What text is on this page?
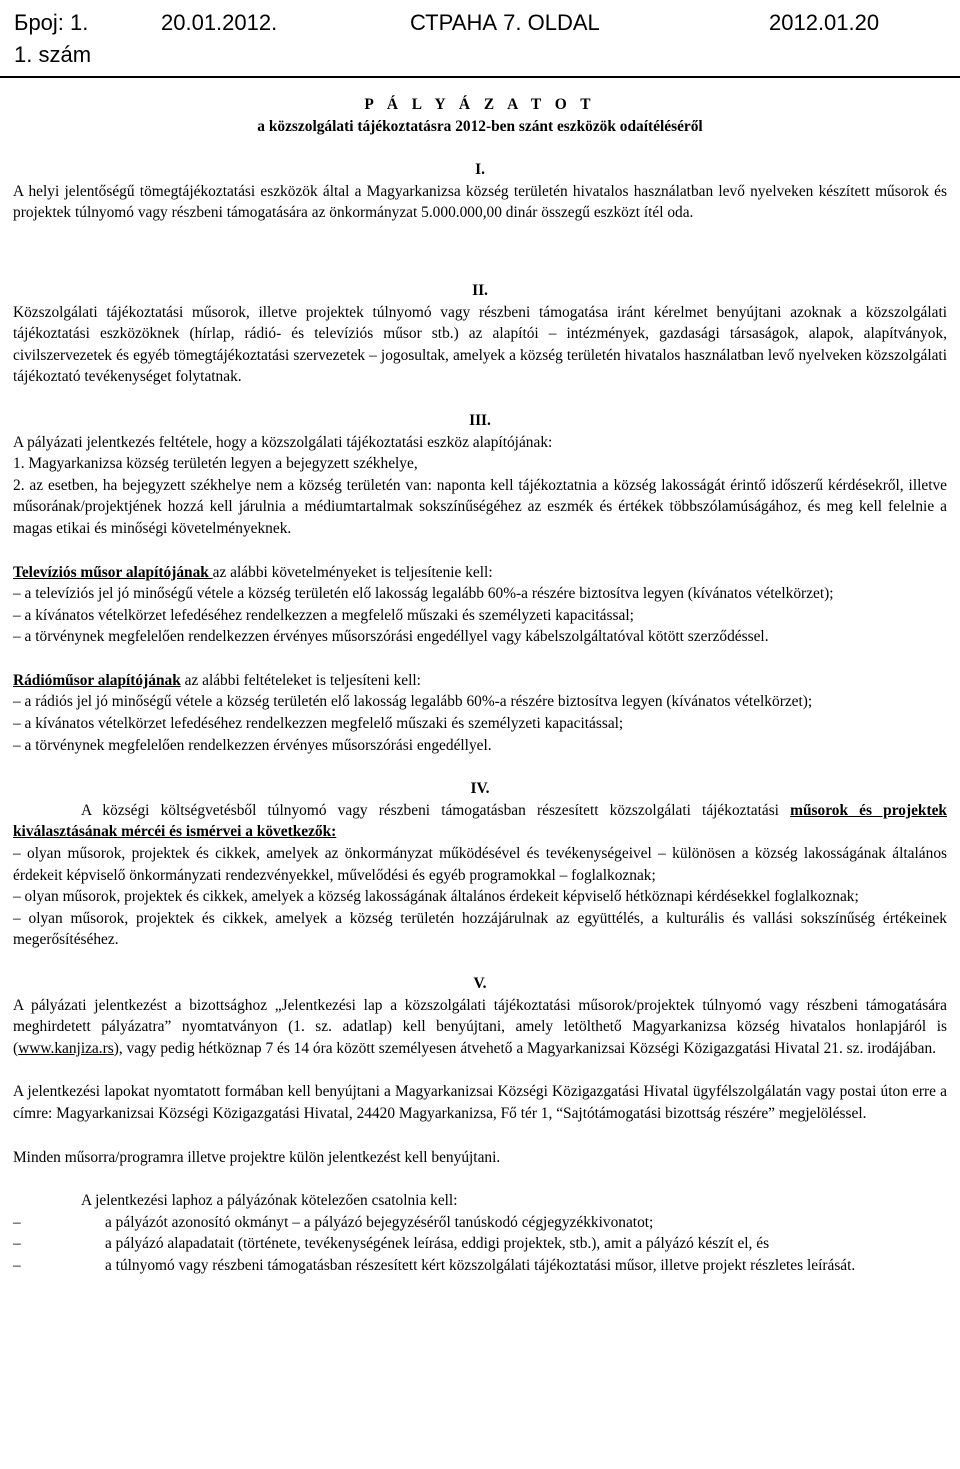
Број: 1.
1. szám
20.01.2012.	СТРАНА 7. OLDAL	2012.01.20

P Á L Y Á Z A T O T

a közszolgálati tájékoztatásra 2012-ben szánt eszközök odaítéléséről

I.

A helyi jelentőségű tömegtájékoztatási eszközök által a Magyarkanizsa község területén hivatalos használatban levő nyelveken készített műsorok és projektek túlnyomó vagy részbeni támogatására az önkormányzat 5.000.000,00 dinár összegű eszközt ítél oda.

II.

Közszolgálati tájékoztatási műsorok, illetve projektek túlnyomó vagy részbeni támogatása iránt kérelmet benyújtani azoknak a közszolgálati tájékoztatási eszközöknek (hírlap, rádió- és televíziós műsor stb.) az alapítói – intézmények, gazdasági társaságok, alapok, alapítványok, civilszervezetek és egyéb tömegtájékoztatási szervezetek – jogosultak, amelyek a község területén hivatalos használatban levő nyelveken közszolgálati tájékoztató tevékenységet folytatnak.

III.

A pályázati jelentkezés feltétele, hogy a közszolgálati tájékoztatási eszköz alapítójának:

1. Magyarkanizsa község területén legyen a bejegyzett székhelye,

2. az esetben, ha bejegyzett székhelye nem a község területén van: naponta kell tájékoztatnia a község lakosságát érintő időszerű kérdésekről, illetve műsorának/projektjének hozzá kell járulnia a médiumtartalmak sokszínűségéhez az eszmék és értékek többszólamúságához, és meg kell felelnie a magas etikai és minőségi követelményeknek.

Televíziós műsor alapítójának az alábbi követelményeket is teljesítenie kell:

– a televíziós jel jó minőségű vétele a község területén elő lakosság legalább 60%-a részére biztosítva legyen (kívánatos vételkörzet);

– a kívánatos vételkörzet lefedéséhez rendelkezzen a megfelelő műszaki és személyzeti kapacitással;

– a törvénynek megfelelően rendelkezzen érvényes műsorszórási engedéllyel vagy kábelszolgáltatóval kötött szerződéssel.

Rádióműsor alapítójának az alábbi feltételeket is teljesíteni kell:

– a rádiós jel jó minőségű vétele a község területén elő lakosság legalább 60%-a részére biztosítva legyen (kívánatos vételkörzet);

– a kívánatos vételkörzet lefedéséhez rendelkezzen megfelelő műszaki és személyzeti kapacitással;

– a törvénynek megfelelően rendelkezzen érvényes műsorszórási engedéllyel.

IV.

A községi költségvetésből túlnyomó vagy részbeni támogatásban részesített közszolgálati tájékoztatási műsorok és projektek kiválasztásának mércéi és ismérvei a következők:

– olyan műsorok, projektek és cikkek, amelyek az önkormányzat működésével és tevékenységeivel – különösen a község lakosságának általános érdekeit képviselő önkormányzati rendezvényekkel, művelődési és egyéb programokkal – foglalkoznak;

– olyan műsorok, projektek és cikkek, amelyek a község lakosságának általános érdekeit képviselő hétköznapi kérdésekkel foglalkoznak;

– olyan műsorok, projektek és cikkek, amelyek a község területén hozzájárulnak az együttélés, a kulturális és vallási sokszínűség értékeinek megerősítéséhez.

V.

A pályázati jelentkezést a bizottsághoz „Jelentkezési lap a közszolgálati tájékoztatási műsorok/projektek túlnyomó vagy részbeni támogatására meghirdetett pályázatra” nyomtatványon (1. sz. adatlap) kell benyújtani, amely letölthető Magyarkanizsa község hivatalos honlapjáról is (www.kanjiza.rs), vagy pedig hétköznap 7 és 14 óra között személyesen átvehető a Magyarkanizsai Községi Közigazgatási Hivatal 21. sz. irodájában.

A jelentkezési lapokat nyomtatott formában kell benyújtani a Magyarkanizsai Községi Közigazgatási Hivatal ügyfélszolgálatán vagy postai úton erre a címre: Magyarkanizsai Községi Közigazgatási Hivatal, 24420 Magyarkanizsa, Fő tér 1, “Sajtótámogatási bizottság részére” megjelöléssel.

Minden műsorra/programra illetve projektre külön jelentkezést kell benyújtani.

A jelentkezési laphoz a pályázónak kötelezően csatolnia kell:

–	a pályázót azonosító okmányt – a pályázó bejegyzéséről tanúskodó cégjegyzékkivonatot;

–	a pályázó alapadatait (története, tevékenységének leírása, eddigi projektek, stb.), amit a pályázó készít el, és

–	a túlnyomó vagy részbeni támogatásban részesített kért közszolgálati tájékoztatási műsor, illetve projekt részletes leírását.
